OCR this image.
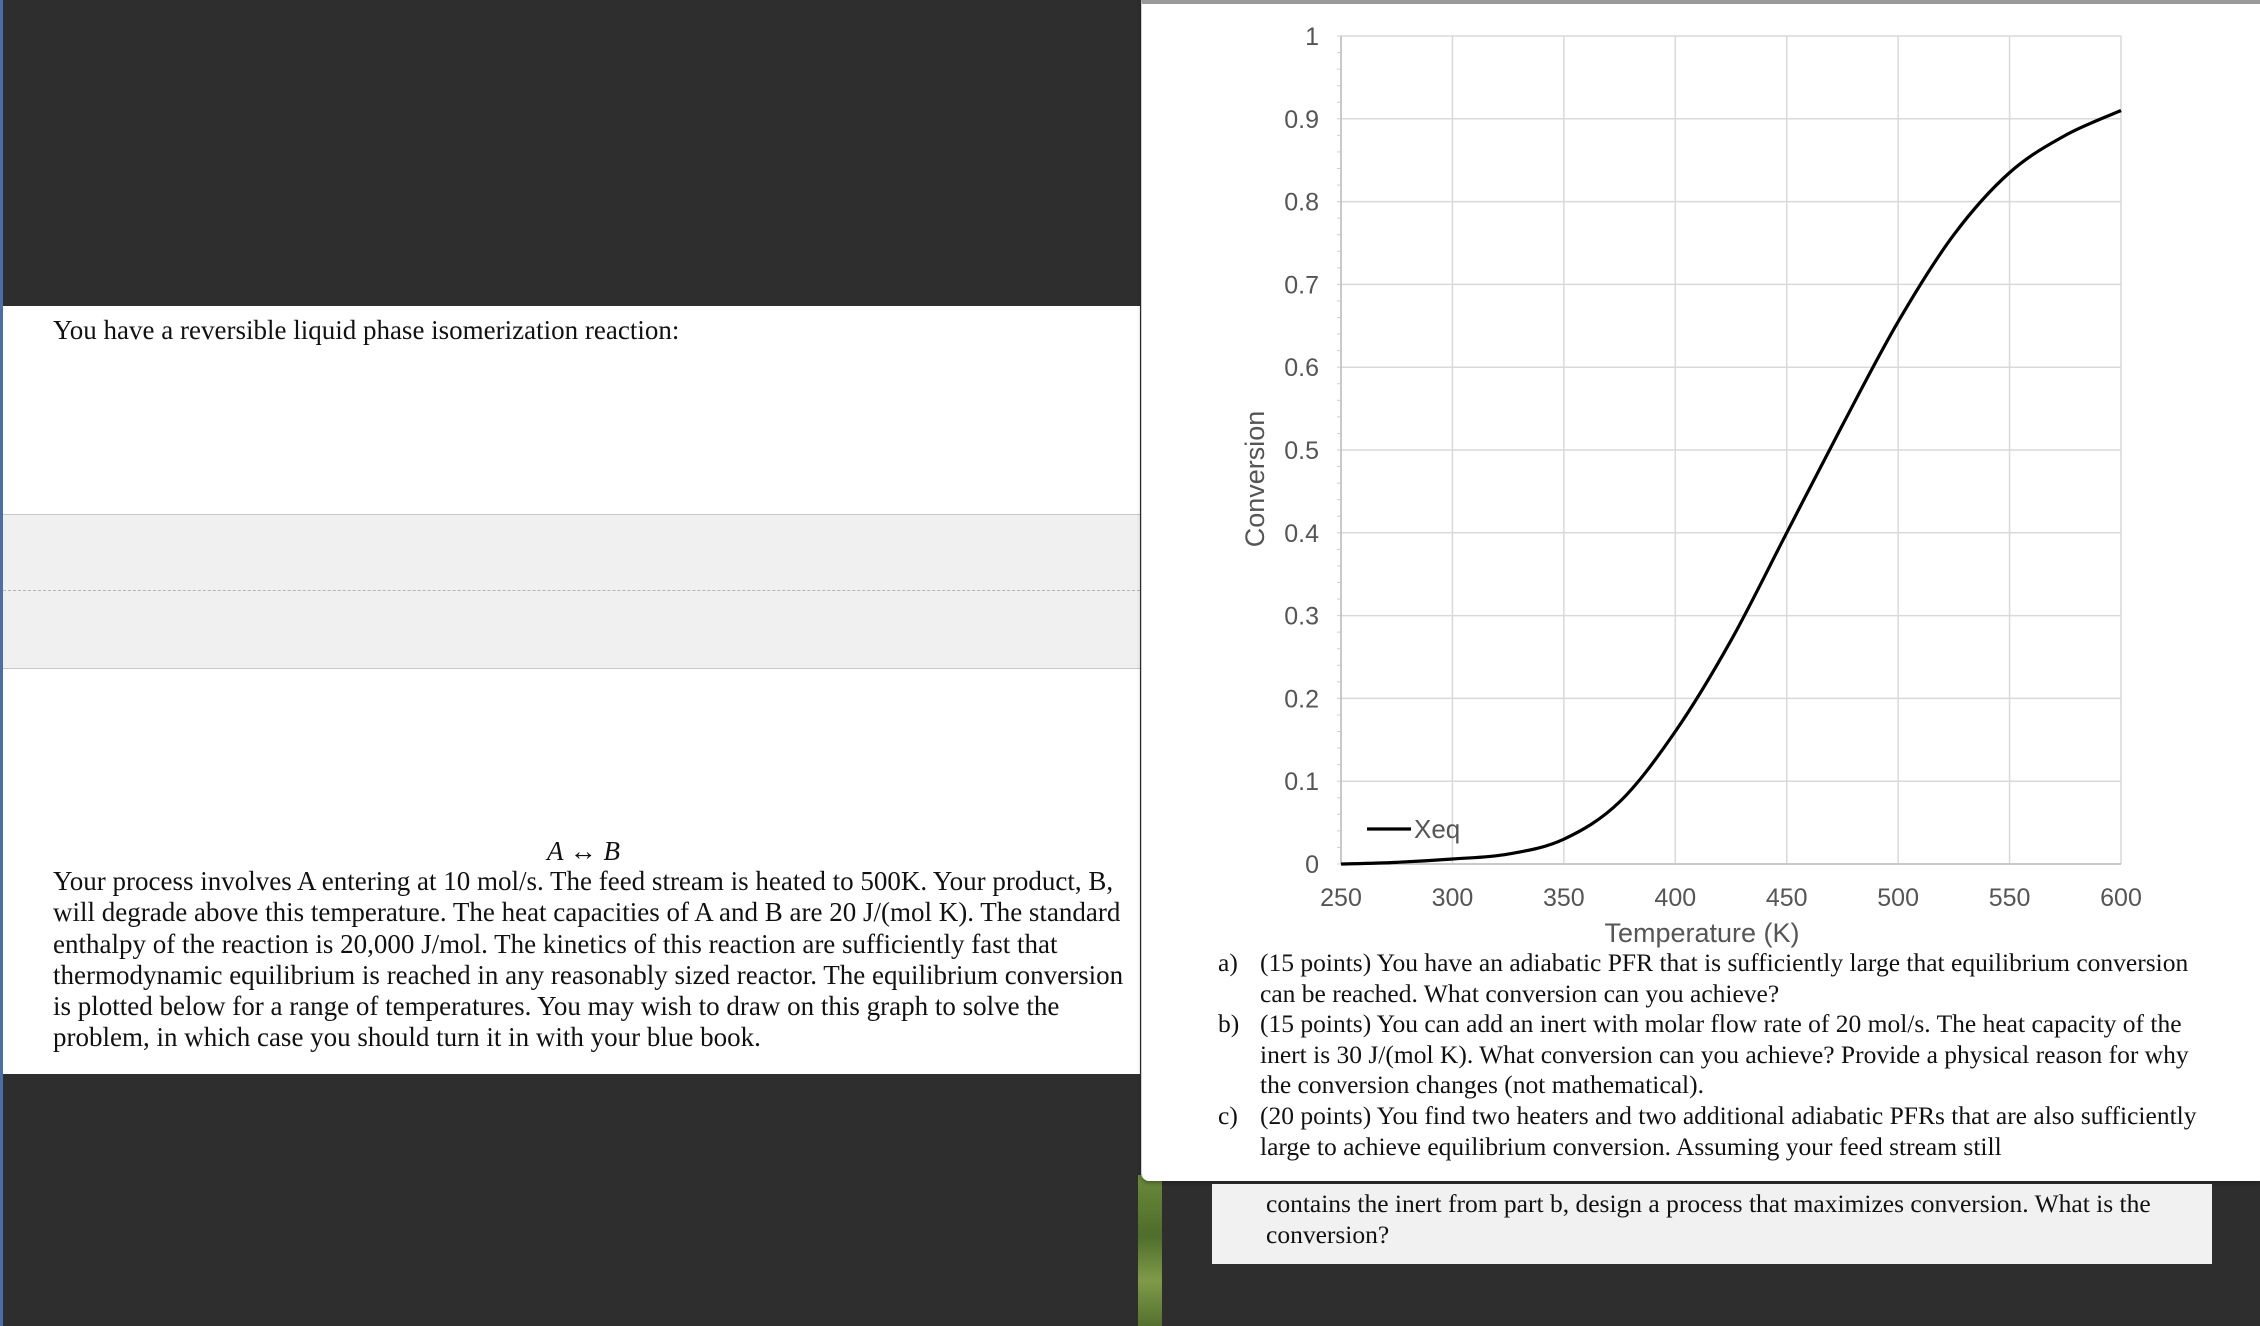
You have a reversible liquid phase isomerization reaction:
A ↔ B
Your process involves A entering at 10 mol/s. The feed stream is heated to 500K. Your product, B, will degrade above this temperature. The heat capacities of A and B are 20 J/(mol K). The standard enthalpy of the reaction is 20,000 J/mol. The kinetics of this reaction are sufficiently fast that thermodynamic equilibrium is reached in any reasonably sized reactor. The equilibrium conversion is plotted below for a range of temperatures. You may wish to draw on this graph to solve the problem, in which case you should turn it in with your blue book.
0
0.1
0.2
0.3
0.4
0.5
0.6
0.7
0.8
0.9
1
250	300	350	400	450	500	550	600
Temperature (K)
Conversion
Xeq
a) (15 points) You have an adiabatic PFR that is sufficiently large that equilibrium conversion can be reached. What conversion can you achieve?
b) (15 points) You can add an inert with molar flow rate of 20 mol/s. The heat capacity of the inert is 30 J/(mol K). What conversion can you achieve? Provide a physical reason for why the conversion changes (not mathematical).
c) (20 points) You find two heaters and two additional adiabatic PFRs that are also sufficiently large to achieve equilibrium conversion. Assuming your feed stream still
contains the inert from part b, design a process that maximizes conversion. What is the conversion?
